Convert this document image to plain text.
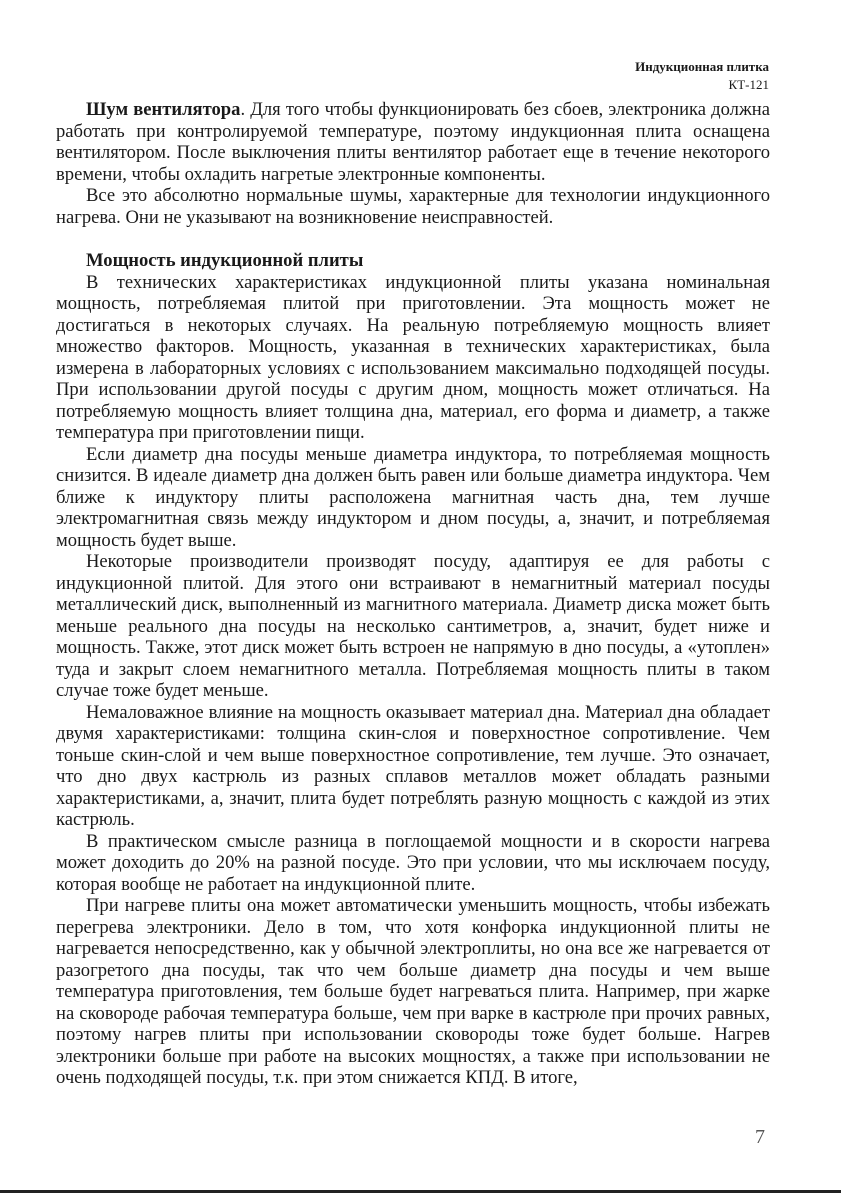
Индукционная плитка
КТ-121

Шум вентилятора. Для того чтобы функционировать без сбоев, электроника должна работать при контролируемой температуре, поэтому индукционная плита оснащена вентилятором. После выключения плиты вентилятор работает еще в течение некоторого времени, чтобы охладить нагретые электронные компоненты.

Все это абсолютно нормальные шумы, характерные для технологии индукционного нагрева. Они не указывают на возникновение неисправностей.

Мощность индукционной плиты

В технических характеристиках индукционной плиты указана номинальная мощность, потребляемая плитой при приготовлении. Эта мощность может не достигаться в некоторых случаях. На реальную потребляемую мощность влияет множество факторов. Мощность, указанная в технических характеристиках, была измерена в лабораторных условиях с использованием максимально подходящей посуды. При использовании другой посуды с другим дном, мощность может отличаться. На потребляемую мощность влияет толщина дна, материал, его форма и диаметр, а также температура при приготовлении пищи.

Если диаметр дна посуды меньше диаметра индуктора, то потребляемая мощность снизится. В идеале диаметр дна должен быть равен или больше диаметра индуктора. Чем ближе к индуктору плиты расположена магнитная часть дна, тем лучше электромагнитная связь между индуктором и дном посуды, а, значит, и потребляемая мощность будет выше.

Некоторые производители производят посуду, адаптируя ее для работы с индукционной плитой. Для этого они встраивают в немагнитный материал посуды металлический диск, выполненный из магнитного материала. Диаметр диска может быть меньше реального дна посуды на несколько сантиметров, а, значит, будет ниже и мощность. Также, этот диск может быть встроен не напрямую в дно посуды, а «утоплен» туда и закрыт слоем немагнитного металла. Потребляемая мощность плиты в таком случае тоже будет меньше.

Немаловажное влияние на мощность оказывает материал дна. Материал дна обладает двумя характеристиками: толщина скин-слоя и поверхностное сопротивление. Чем тоньше скин-слой и чем выше поверхностное сопротивление, тем лучше. Это означает, что дно двух кастрюль из разных сплавов металлов может обладать разными характеристиками, а, значит, плита будет потреблять разную мощность с каждой из этих кастрюль.

В практическом смысле разница в поглощаемой мощности и в скорости нагрева может доходить до 20% на разной посуде. Это при условии, что мы исключаем посуду, которая вообще не работает на индукционной плите.

При нагреве плиты она может автоматически уменьшить мощность, чтобы избежать перегрева электроники. Дело в том, что хотя конфорка индукционной плиты не нагревается непосредственно, как у обычной электроплиты, но она все же нагревается от разогретого дна посуды, так что чем больше диаметр дна посуды и чем выше температура приготовления, тем больше будет нагреваться плита. Например, при жарке на сковороде рабочая температура больше, чем при варке в кастрюле при прочих равных, поэтому нагрев плиты при использовании сковороды тоже будет больше. Нагрев электроники больше при работе на высоких мощностях, а также при использовании не очень подходящей посуды, т.к. при этом снижается КПД. В итоге,

7
